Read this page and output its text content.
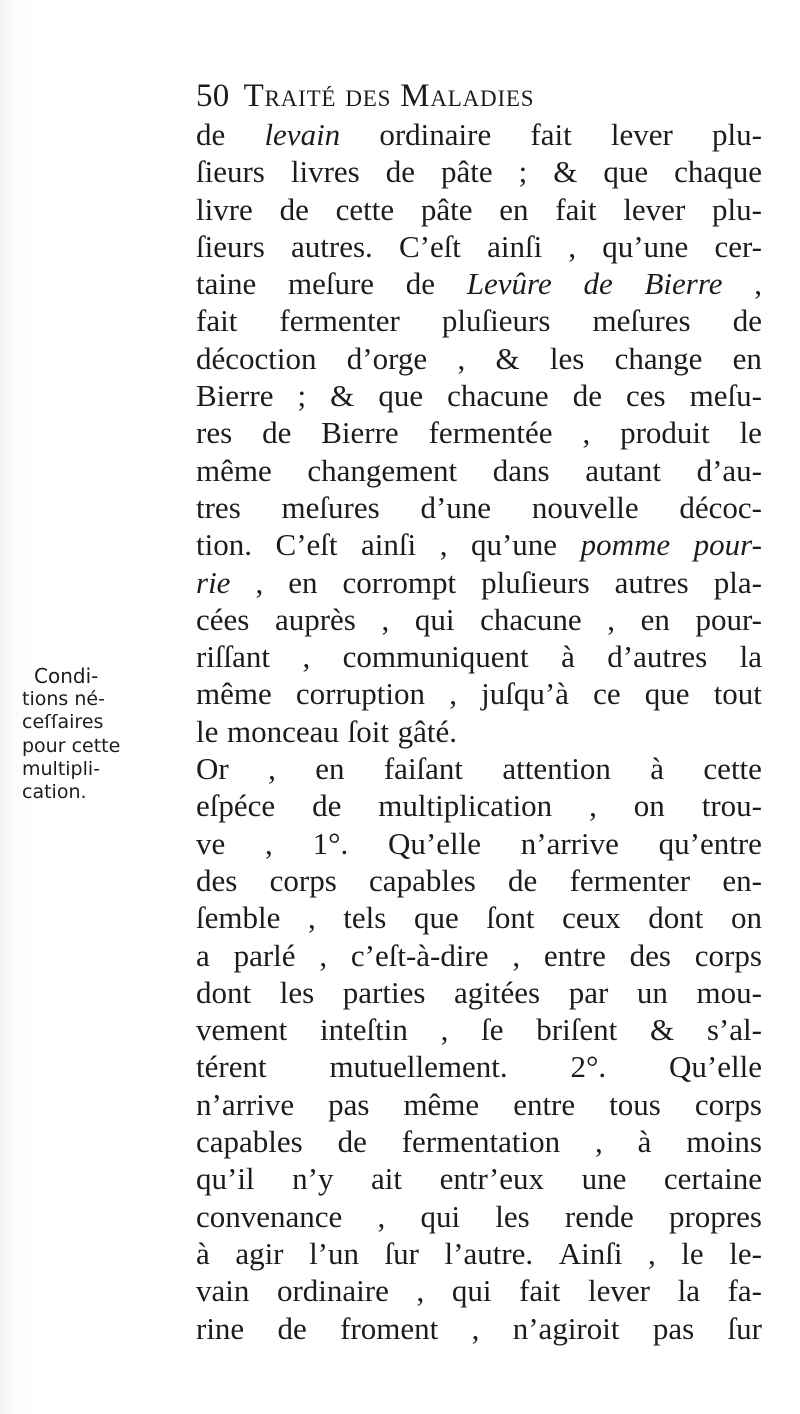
50 Traité des Maladies
de levain ordinaire fait lever plu-
ſieurs livres de pâte ; & que chaque
livre de cette pâte en fait lever plu-
ſieurs autres. C’eſt ainſi , qu’une cer-
taine meſure de Levûre de Bierre ,
fait fermenter pluſieurs meſures de
décoction d’orge , & les change en
Bierre ; & que chacune de ces meſu-
res de Bierre fermentée , produit le
même changement dans autant d’au-
tres meſures d’une nouvelle décoc-
tion. C’eſt ainſi , qu’une pomme pour-
rie , en corrompt pluſieurs autres pla-
cées auprès , qui chacune , en pour-
riſſant , communiquent à d’autres la
même corruption , juſqu’à ce que tout
le monceau ſoit gâté.
Or , en faiſant attention à cette
eſpéce de multiplication , on trou-
ve , 1°. Qu’elle n’arrive qu’entre
des corps capables de fermenter en-
ſemble , tels que ſont ceux dont on
a parlé , c’eſt-à-dire , entre des corps
dont les parties agitées par un mou-
vement inteſtin , ſe briſent & s’al-
térent mutuellement. 2°. Qu’elle
n’arrive pas même entre tous corps
capables de fermentation , à moins
qu’il n’y ait entr’eux une certaine
convenance , qui les rende propres
à agir l’un ſur l’autre. Ainſi , le le-
vain ordinaire , qui fait lever la fa-
rine de froment , n’agiroit pas ſur
Condi-
tions né-
ceſſaires
pour cette
multipli-
cation.
